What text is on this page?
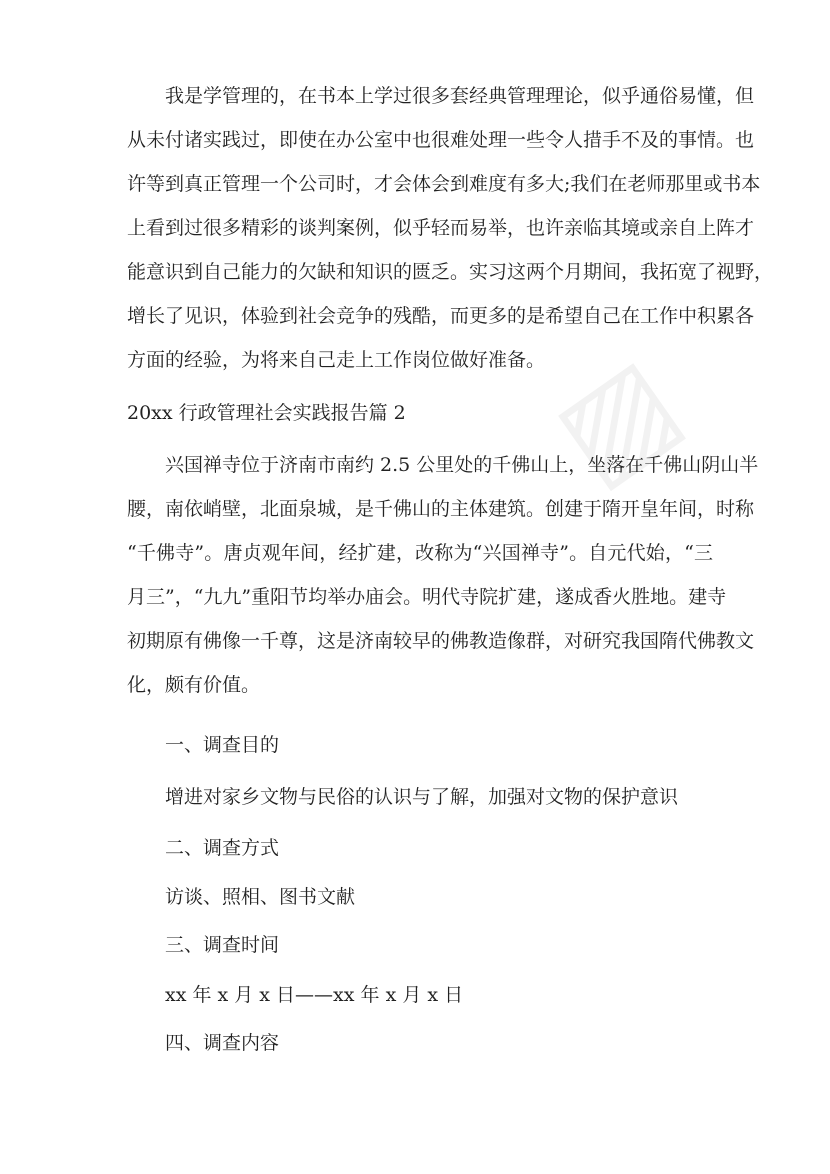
▨
我是学管理的，在书本上学过很多套经典管理理论，似乎通俗易懂，但
从未付诸实践过，即使在办公室中也很难处理一些令人措手不及的事情。也
许等到真正管理一个公司时，才会体会到难度有多大;我们在老师那里或书本
上看到过很多精彩的谈判案例，似乎轻而易举，也许亲临其境或亲自上阵才
能意识到自己能力的欠缺和知识的匮乏。实习这两个月期间，我拓宽了视野，
增长了见识，体验到社会竞争的残酷，而更多的是希望自己在工作中积累各
方面的经验，为将来自己走上工作岗位做好准备。
20xx 行政管理社会实践报告篇 2
兴国禅寺位于济南市南约 2.5 公里处的千佛山上，坐落在千佛山阴山半
腰，南依峭壁，北面泉城，是千佛山的主体建筑。创建于隋开皇年间，时称
“千佛寺”。唐贞观年间，经扩建，改称为“兴国禅寺”。自元代始，“三
月三”，“九九”重阳节均举办庙会。明代寺院扩建，遂成香火胜地。建寺
初期原有佛像一千尊，这是济南较早的佛教造像群，对研究我国隋代佛教文
化，颇有价值。
一、调查目的
增进对家乡文物与民俗的认识与了解，加强对文物的保护意识
二、调查方式
访谈、照相、图书文献
三、调查时间
xx 年 x 月 x 日——xx 年 x 月 x 日
四、调查内容
